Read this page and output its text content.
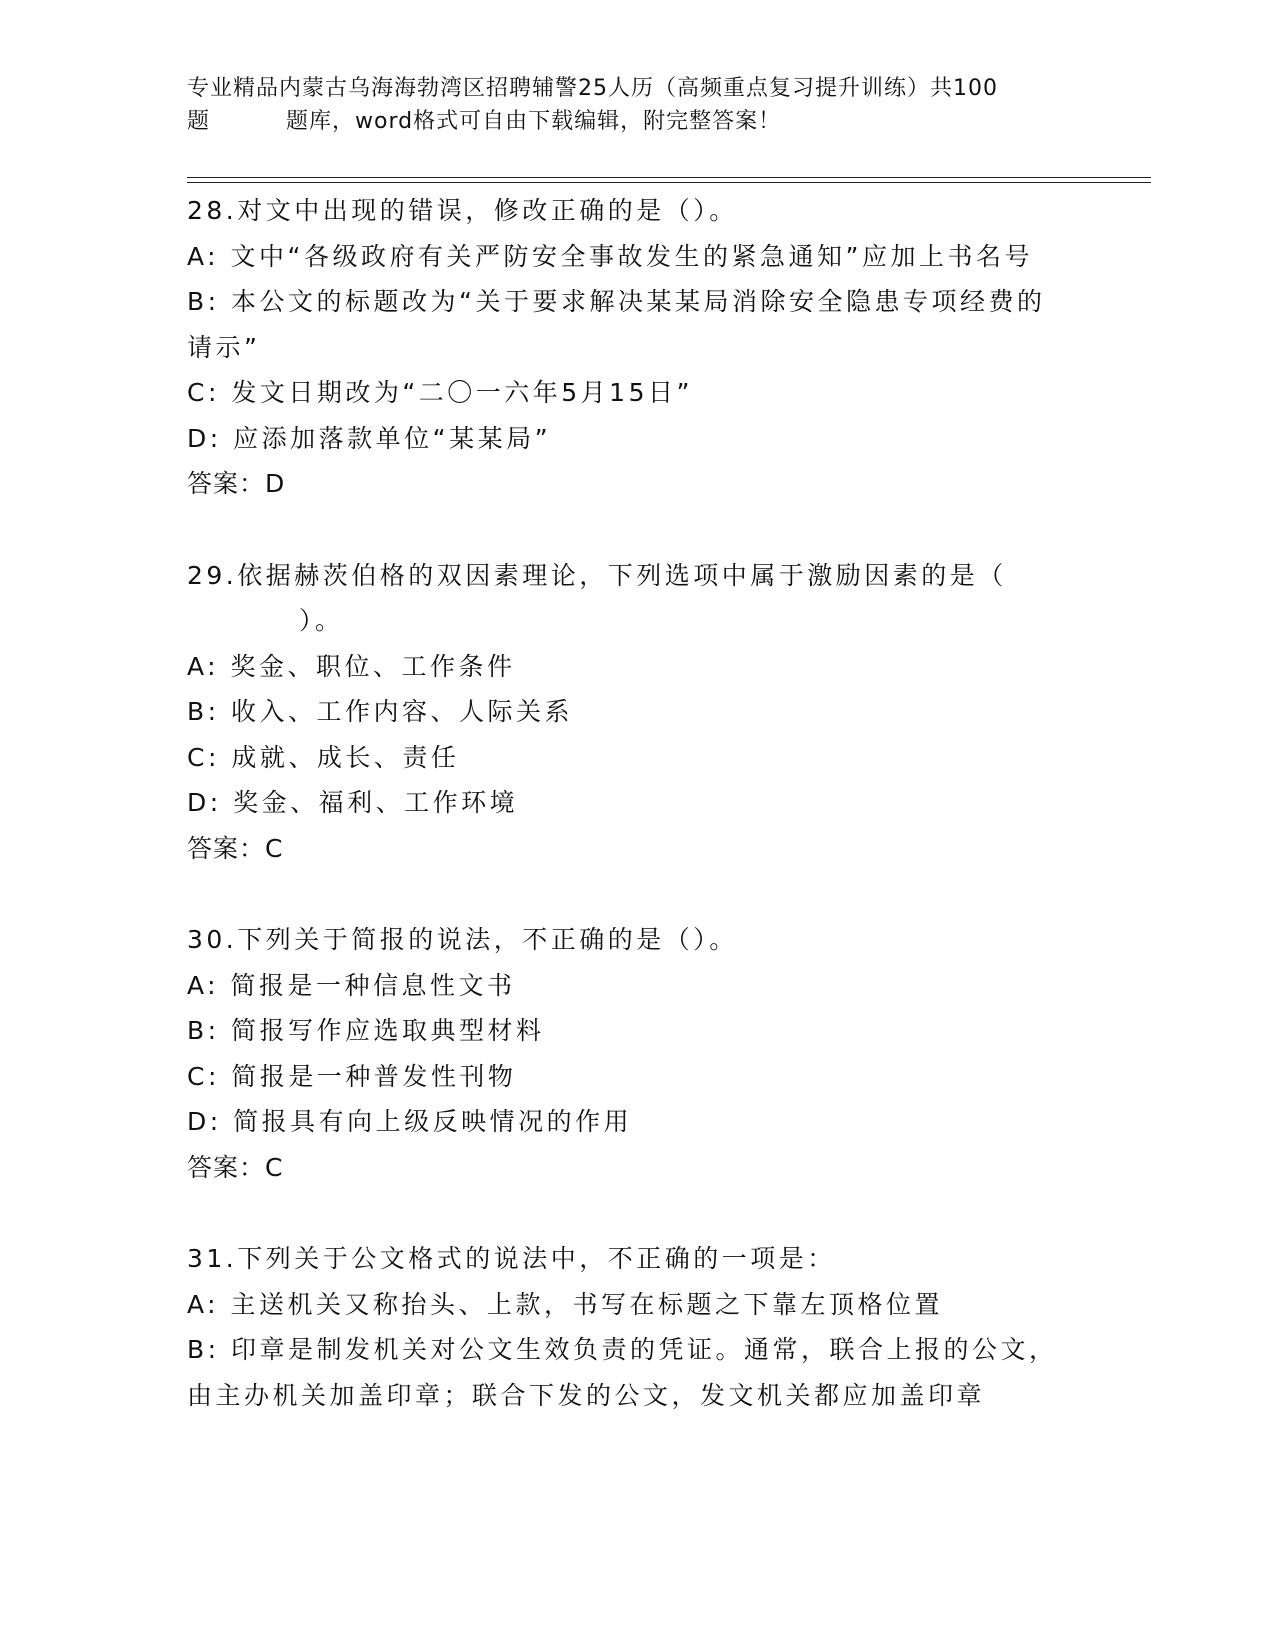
专业精品内蒙古乌海海勃湾区招聘辅警25人历（高频重点复习提升训练）共100
题	题库，word格式可自由下载编辑，附完整答案！
28.对文中出现的错误，修改正确的是（）。
A: 文中“各级政府有关严防安全事故发生的紧急通知”应加上书名号
B: 本公文的标题改为“关于要求解决某某局消除安全隐患专项经费的
请示”
C: 发文日期改为“二〇一六年5月15日”
D: 应添加落款单位“某某局”
答案：D
29.依据赫茨伯格的双因素理论，下列选项中属于激励因素的是（
）。
A: 奖金、职位、工作条件
B: 收入、工作内容、人际关系
C: 成就、成长、责任
D: 奖金、福利、工作环境
答案：C
30.下列关于简报的说法，不正确的是（）。
A: 简报是一种信息性文书
B: 简报写作应选取典型材料
C: 简报是一种普发性刊物
D: 简报具有向上级反映情况的作用
答案：C
31.下列关于公文格式的说法中，不正确的一项是：
A: 主送机关又称抬头、上款，书写在标题之下靠左顶格位置
B: 印章是制发机关对公文生效负责的凭证。通常，联合上报的公文，
由主办机关加盖印章；联合下发的公文，发文机关都应加盖印章
